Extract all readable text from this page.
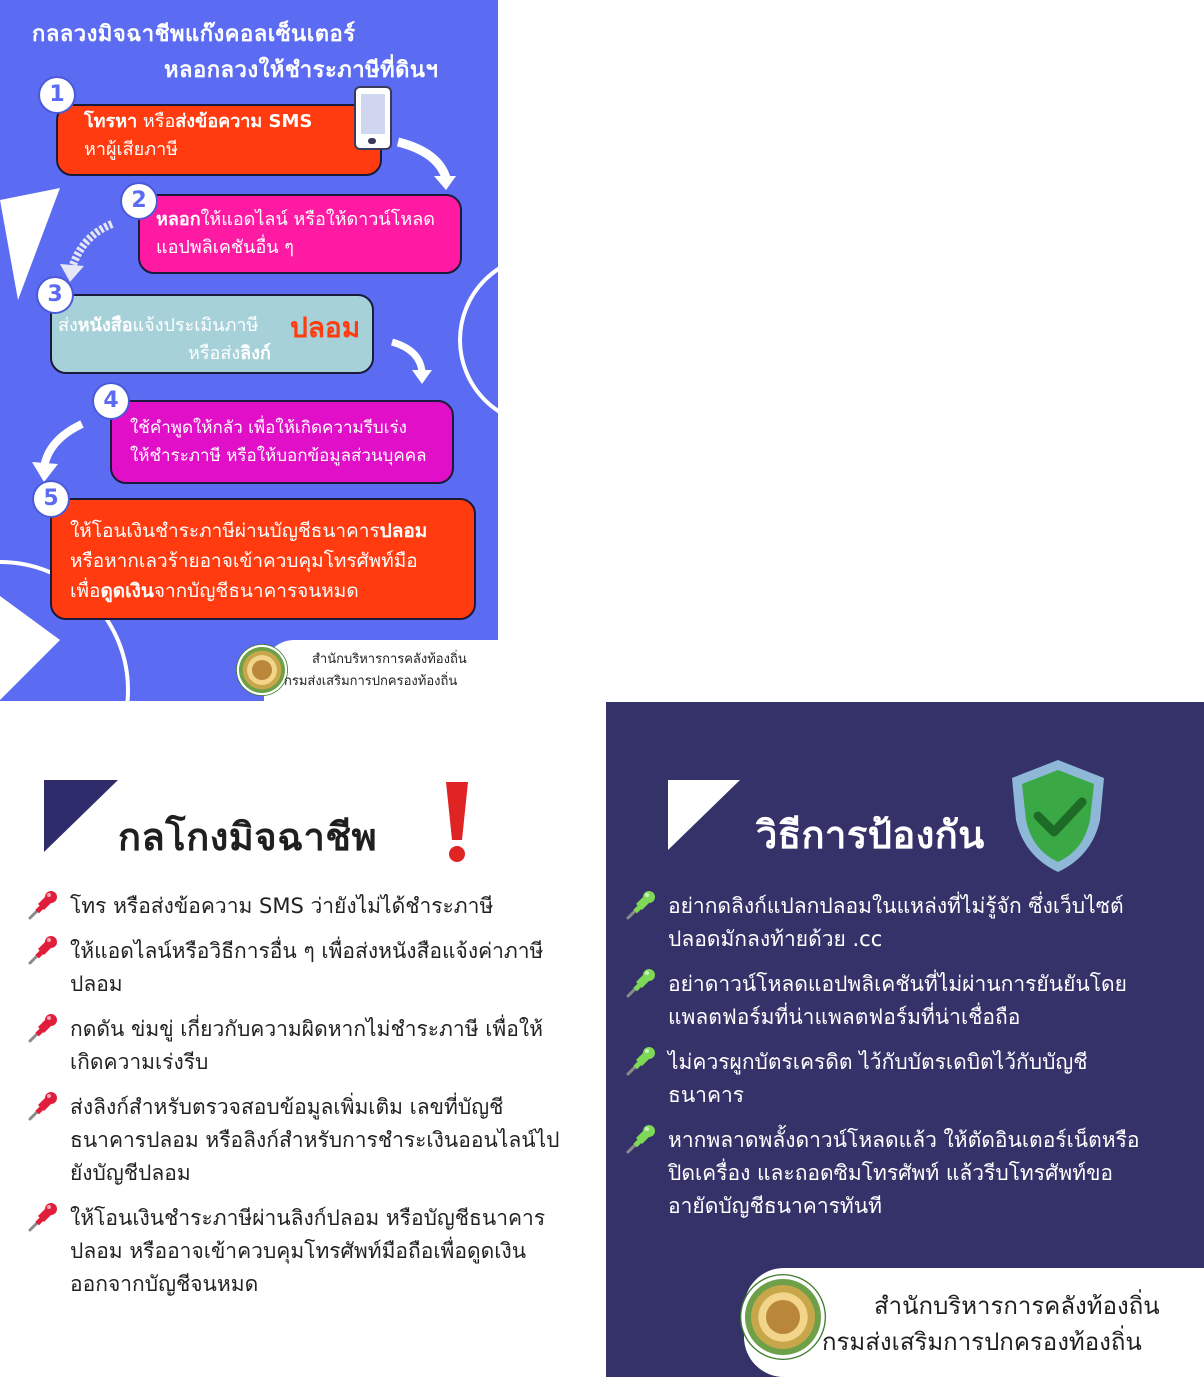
กลลวงมิจฉาชีพแก๊งคอลเซ็นเตอร์
หลอกลวงให้ชำระภาษีที่ดินฯ
1
โทรหา หรือส่งข้อความ SMS
หาผู้เสียภาษี
2
หลอกให้แอดไลน์ หรือให้ดาวน์โหลด
แอปพลิเคชันอื่น ๆ
3
ส่งหนังสือแจ้งประเมินภาษี
หรือส่งลิงก์
ปลอม
4
ใช้คำพูดให้กลัว เพื่อให้เกิดความรีบเร่ง
ให้ชำระภาษี หรือให้บอกข้อมูลส่วนบุคคล
5
ให้โอนเงินชำระภาษีผ่านบัญชีธนาคารปลอม
หรือหากเลวร้ายอาจเข้าควบคุมโทรศัพท์มือ
เพื่อดูดเงินจากบัญชีธนาคารจนหมด
สำนักบริหารการคลังท้องถิ่น
กรมส่งเสริมการปกครองท้องถิ่น
กลโกงมิจฉาชีพ
โทร หรือส่งข้อความ SMS ว่ายังไม่ได้ชำระภาษี
ให้แอดไลน์หรือวิธีการอื่น ๆ เพื่อส่งหนังสือแจ้งค่าภาษี
ปลอม
กดดัน ข่มขู่ เกี่ยวกับความผิดหากไม่ชำระภาษี เพื่อให้
เกิดความเร่งรีบ
ส่งลิงก์สำหรับตรวจสอบข้อมูลเพิ่มเติม เลขที่บัญชี
ธนาคารปลอม หรือลิงก์สำหรับการชำระเงินออนไลน์ไป
ยังบัญชีปลอม
ให้โอนเงินชำระภาษีผ่านลิงก์ปลอม หรือบัญชีธนาคาร
ปลอม หรืออาจเข้าควบคุมโทรศัพท์มือถือเพื่อดูดเงิน
ออกจากบัญชีจนหมด
วิธีการป้องกัน
อย่ากดลิงก์แปลกปลอมในแหล่งที่ไม่รู้จัก ซึ่งเว็บไซต์
ปลอดมักลงท้ายด้วย .cc
อย่าดาวน์โหลดแอปพลิเคชันที่ไม่ผ่านการยันยันโดย
แพลตฟอร์มที่น่าแพลตฟอร์มที่น่าเชื่อถือ
ไม่ควรผูกบัตรเครดิต ไว้กับบัตรเดบิตไว้กับบัญชี
ธนาคาร
หากพลาดพลั้งดาวน์โหลดแล้ว ให้ตัดอินเตอร์เน็ตหรือ
ปิดเครื่อง และถอดซิมโทรศัพท์ แล้วรีบโทรศัพท์ขอ
อายัดบัญชีธนาคารทันที
สำนักบริหารการคลังท้องถิ่น
กรมส่งเสริมการปกครองท้องถิ่น
